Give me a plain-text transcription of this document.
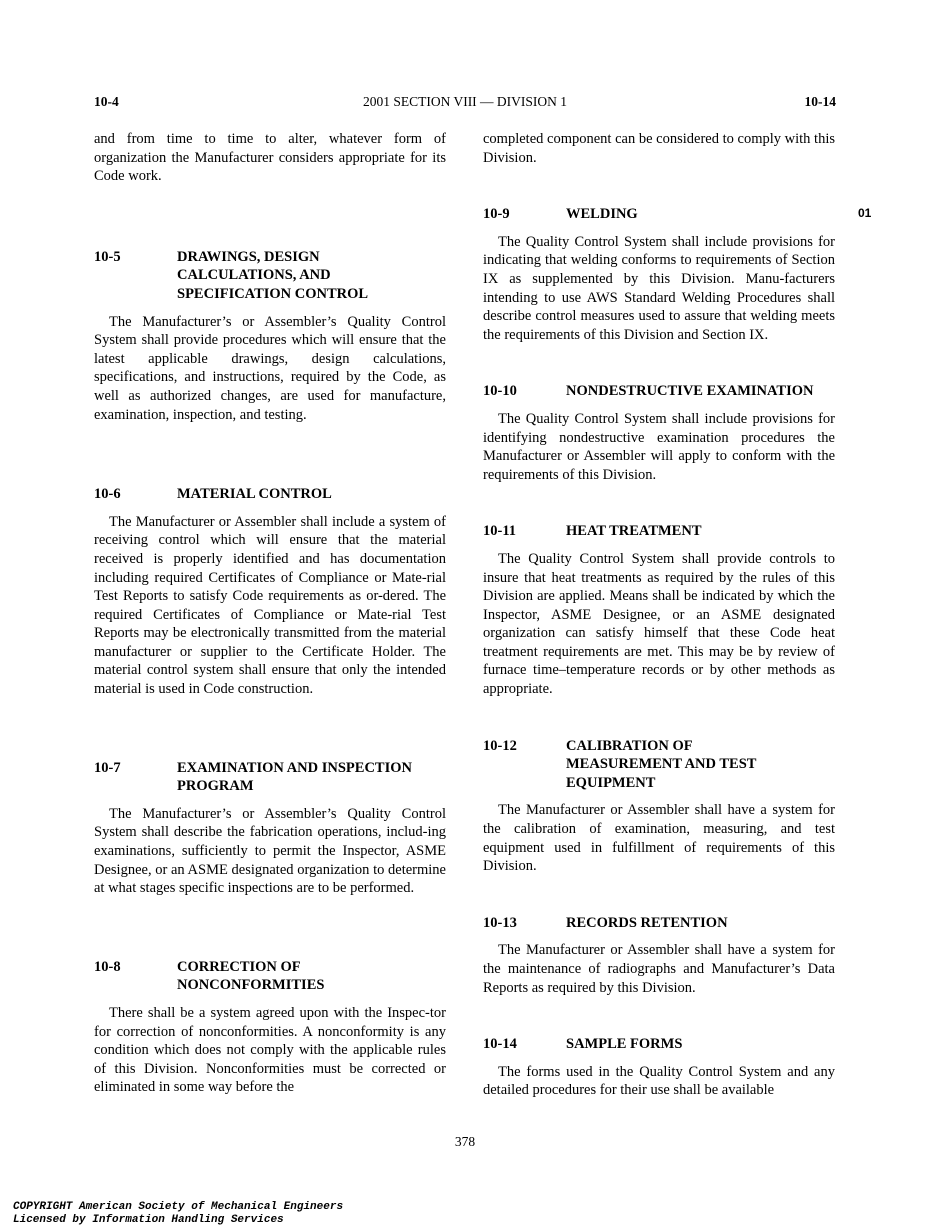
10-4	2001 SECTION VIII — DIVISION 1	10-14
01

and from time to time to alter, whatever form of organization the Manufacturer considers appropriate for its Code work.

10-5	DRAWINGS, DESIGN
CALCULATIONS, AND
SPECIFICATION CONTROL

The Manufacturer’s or Assembler’s Quality Control System shall provide procedures which will ensure that the latest applicable drawings, design calculations, specifications, and instructions, required by the Code, as well as authorized changes, are used for manufacture, examination, inspection, and testing.

10-6	MATERIAL CONTROL

The Manufacturer or Assembler shall include a system of receiving control which will ensure that the material received is properly identified and has documentation including required Certificates of Compliance or Mate-rial Test Reports to satisfy Code requirements as or-dered. The required Certificates of Compliance or Mate-rial Test Reports may be electronically transmitted from the material manufacturer or supplier to the Certificate Holder. The material control system shall ensure that only the intended material is used in Code construction.

10-7	EXAMINATION AND INSPECTION
PROGRAM

The Manufacturer’s or Assembler’s Quality Control System shall describe the fabrication operations, includ-ing examinations, sufficiently to permit the Inspector, ASME Designee, or an ASME designated organization to determine at what stages specific inspections are to be performed.

10-8	CORRECTION OF
NONCONFORMITIES

There shall be a system agreed upon with the Inspec-tor for correction of nonconformities. A nonconformity is any condition which does not comply with the applicable rules of this Division. Nonconformities must be corrected or eliminated in some way before the

completed component can be considered to comply with this Division.

10-9	WELDING

The Quality Control System shall include provisions for indicating that welding conforms to requirements of Section IX as supplemented by this Division. Manu-facturers intending to use AWS Standard Welding Procedures shall describe control measures used to assure that welding meets the requirements of this Division and Section IX.

10-10	NONDESTRUCTIVE EXAMINATION

The Quality Control System shall include provisions for identifying nondestructive examination procedures the Manufacturer or Assembler will apply to conform with the requirements of this Division.

10-11	HEAT TREATMENT

The Quality Control System shall provide controls to insure that heat treatments as required by the rules of this Division are applied. Means shall be indicated by which the Inspector, ASME Designee, or an ASME designated organization can satisfy himself that these Code heat treatment requirements are met. This may be by review of furnace time–temperature records or by other methods as appropriate.

10-12	CALIBRATION OF
MEASUREMENT AND TEST
EQUIPMENT

The Manufacturer or Assembler shall have a system for the calibration of examination, measuring, and test equipment used in fulfillment of requirements of this Division.

10-13	RECORDS RETENTION

The Manufacturer or Assembler shall have a system for the maintenance of radiographs and Manufacturer’s Data Reports as required by this Division.

10-14	SAMPLE FORMS

The forms used in the Quality Control System and any detailed procedures for their use shall be available

378
COPYRIGHT American Society of Mechanical Engineers
Licensed by Information Handling Services
